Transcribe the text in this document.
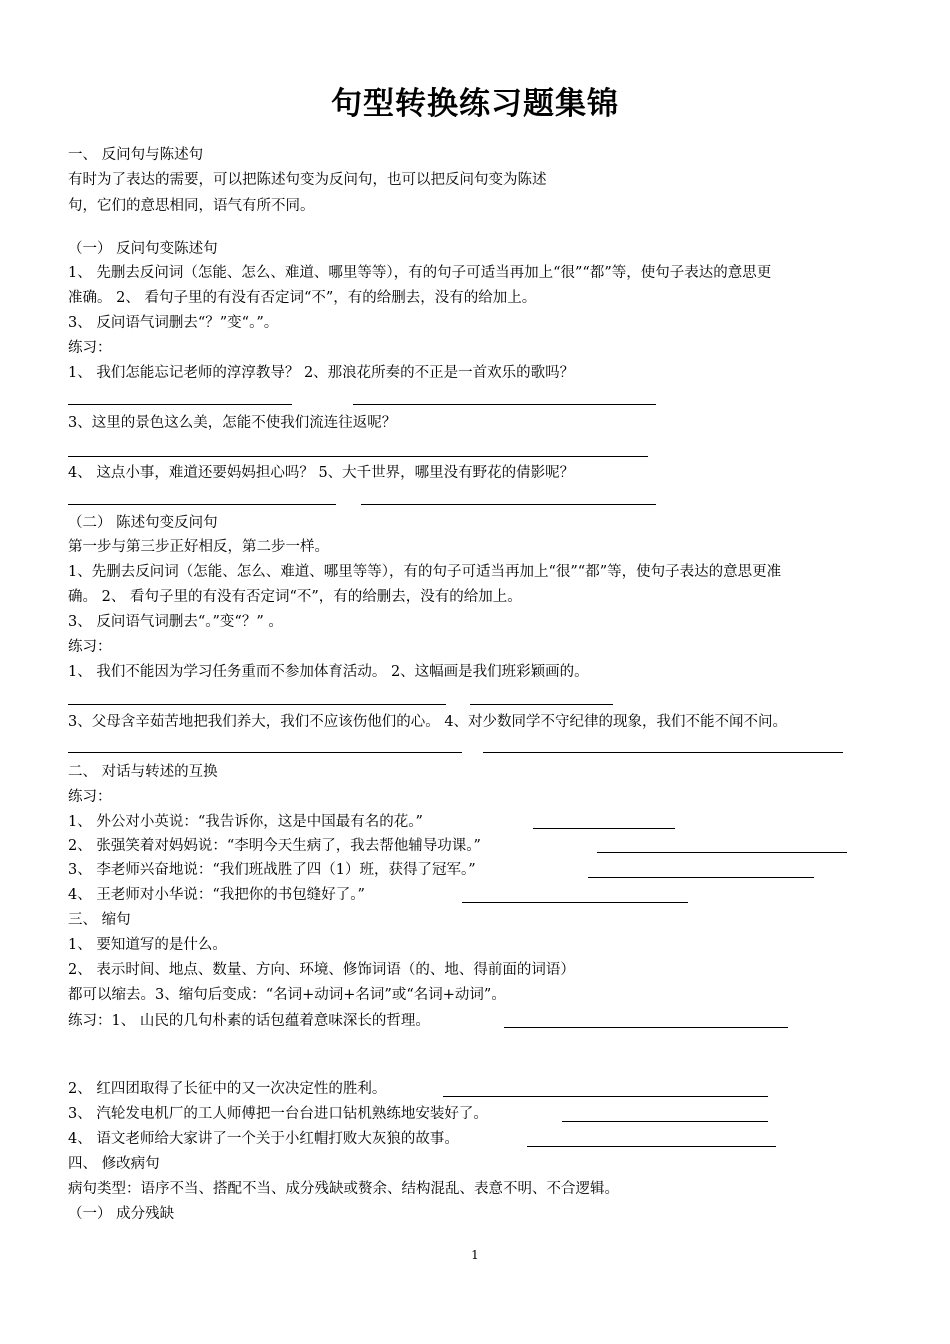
句型转换练习题集锦
一、 反问句与陈述句
有时为了表达的需要，可以把陈述句变为反问句，也可以把反问句变为陈述
句，它们的意思相同，语气有所不同。
（一） 反问句变陈述句
1、 先删去反问词（怎能、怎么、难道、哪里等等），有的句子可适当再加上“很”“都”等，使句子表达的意思更
准确。 2、 看句子里的有没有否定词“不”，有的给删去，没有的给加上。
3、 反问语气词删去“？”变“。”。
练习：
1、 我们怎能忘记老师的淳淳教导？ 2、那浪花所奏的不正是一首欢乐的歌吗？
3、这里的景色这么美，怎能不使我们流连往返呢？
4、 这点小事，难道还要妈妈担心吗？ 5、大千世界，哪里没有野花的倩影呢？
（二） 陈述句变反问句
第一步与第三步正好相反，第二步一样。
1、先删去反问词（怎能、怎么、难道、哪里等等），有的句子可适当再加上“很”“都”等，使句子表达的意思更准
确。 2、 看句子里的有没有否定词“不”，有的给删去，没有的给加上。
3、 反问语气词删去“。”变“？” 。
练习：
1、 我们不能因为学习任务重而不参加体育活动。 2、这幅画是我们班彩颖画的。
3、父母含辛茹苦地把我们养大，我们不应该伤他们的心。 4、对少数同学不守纪律的现象，我们不能不闻不问。
二、 对话与转述的互换
练习：
1、 外公对小英说：“我告诉你，这是中国最有名的花。”
2、 张强笑着对妈妈说：“李明今天生病了，我去帮他辅导功课。”
3、 李老师兴奋地说：“我们班战胜了四（1）班，获得了冠军。”
4、 王老师对小华说：“我把你的书包缝好了。”
三、 缩句
1、 要知道写的是什么。
2、 表示时间、地点、数量、方向、环境、修饰词语（的、地、得前面的词语）
都可以缩去。3、缩句后变成：“名词+动词+名词”或“名词+动词”。
练习：1、 山民的几句朴素的话包蕴着意味深长的哲理。
2、 红四团取得了长征中的又一次决定性的胜利。
3、 汽轮发电机厂的工人师傅把一台台进口钻机熟练地安装好了。
4、 语文老师给大家讲了一个关于小红帽打败大灰狼的故事。
四、 修改病句
病句类型：语序不当、搭配不当、成分残缺或赘余、结构混乱、表意不明、不合逻辑。
（一） 成分残缺
1
